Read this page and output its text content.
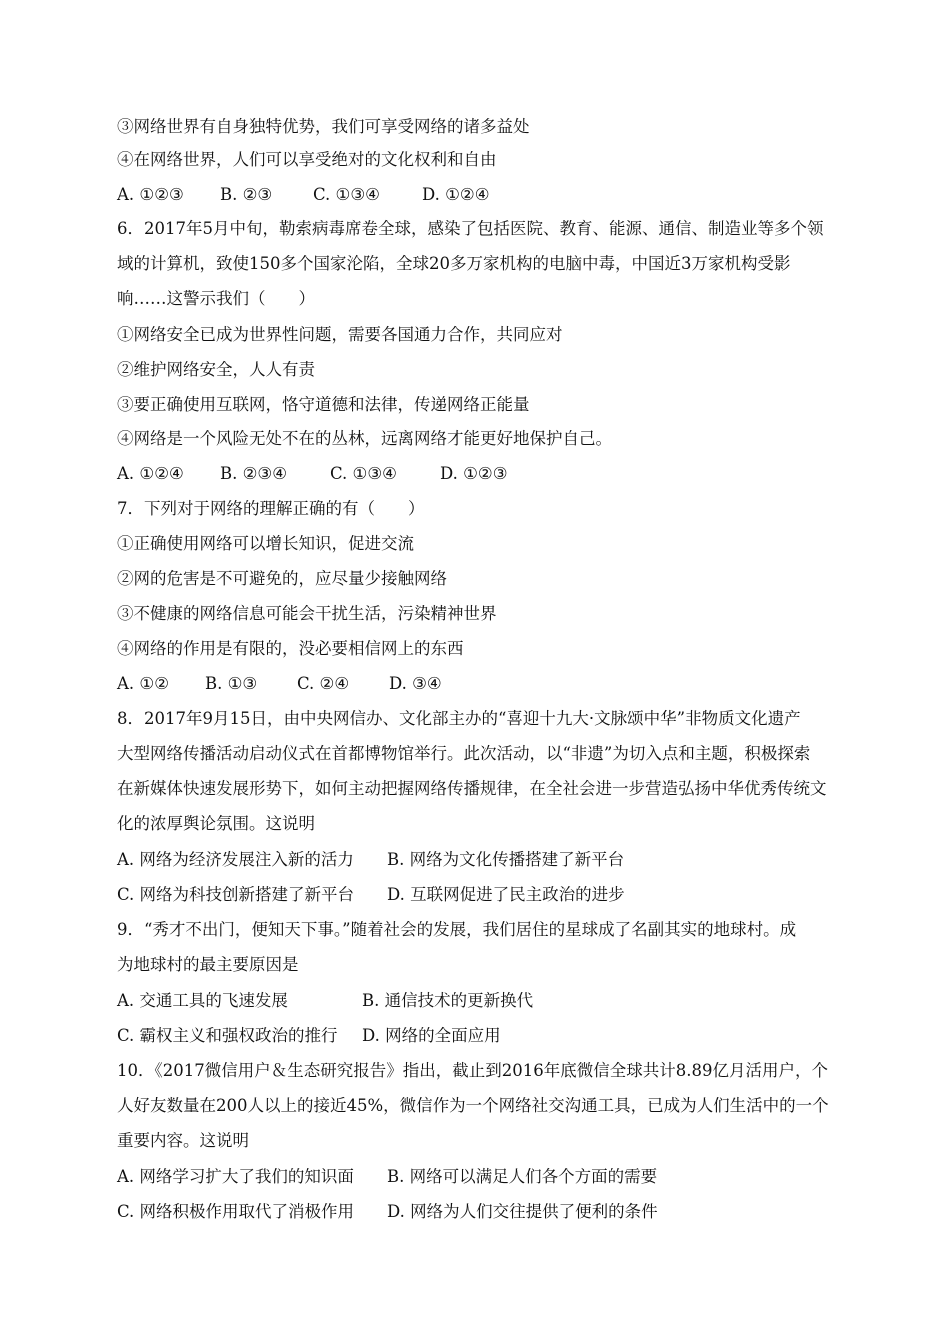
③网络世界有自身独特优势，我们可享受网络的诸多益处
④在网络世界，人们可以享受绝对的文化权利和自由
A. ①②③ B. ②③ C. ①③④	D. ①②④
6．2017年5月中旬，勒索病毒席卷全球，感染了包括医院、教育、能源、通信、制造业等多个领
域的计算机，致使150多个国家沦陷，全球20多万家机构的电脑中毒，中国近3万家机构受影
响……这警示我们（　　）
①网络安全已成为世界性问题，需要各国通力合作，共同应对
②维护网络安全，人人有责
③要正确使用互联网，恪守道德和法律，传递网络正能量
④网络是一个风险无处不在的丛林，远离网络才能更好地保护自己。
A. ①②④ B. ②③④	C. ①③④	D. ①②③
7．下列对于网络的理解正确的有（　　）
①正确使用网络可以增长知识，促进交流
②网的危害是不可避免的，应尽量少接触网络
③不健康的网络信息可能会干扰生活，污染精神世界
④网络的作用是有限的，没必要相信网上的东西
A. ①② B. ①③ C. ②④ D. ③④
8．2017年9月15日，由中央网信办、文化部主办的“喜迎十九大·文脉颂中华”非物质文化遗产
大型网络传播活动启动仪式在首都博物馆举行。此次活动，以“非遗”为切入点和主题，积极探索
在新媒体快速发展形势下，如何主动把握网络传播规律，在全社会进一步营造弘扬中华优秀传统文
化的浓厚舆论氛围。这说明
A. 网络为经济发展注入新的活力 B. 网络为文化传播搭建了新平台
C. 网络为科技创新搭建了新平台 D. 互联网促进了民主政治的进步
9．“秀才不出门，便知天下事。”随着社会的发展，我们居住的星球成了名副其实的地球村。成
为地球村的最主要原因是
A. 交通工具的飞速发展	B. 通信技术的更新换代
C. 霸权主义和强权政治的推行 D. 网络的全面应用
10．《2017微信用户＆生态研究报告》指出，截止到2016年底微信全球共计8.89亿月活用户，个
人好友数量在200人以上的接近45%，微信作为一个网络社交沟通工具，已成为人们生活中的一个
重要内容。这说明
A. 网络学习扩大了我们的知识面 B. 网络可以满足人们各个方面的需要
C. 网络积极作用取代了消极作用 D. 网络为人们交往提供了便利的条件
